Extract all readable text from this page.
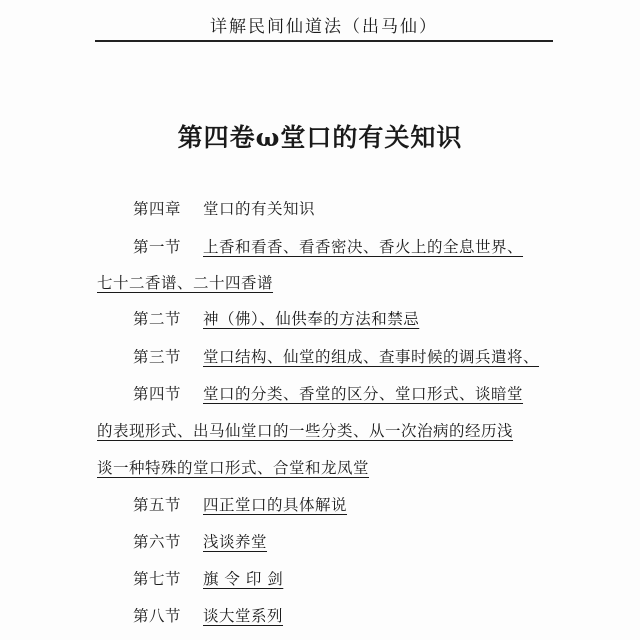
详解民间仙道法（出马仙）
第四卷ω堂口的有关知识
第四章 堂口的有关知识
第一节 上香和看香、看香密决、香火上的全息世界、
七十二香谱、二十四香谱
第二节 神（佛）、仙供奉的方法和禁忌
第三节 堂口结构、仙堂的组成、查事时候的调兵遣将、
第四节 堂口的分类、香堂的区分、堂口形式、谈暗堂
的表现形式、出马仙堂口的一些分类、从一次治病的经历浅
谈一种特殊的堂口形式、合堂和龙凤堂
第五节 四正堂口的具体解说
第六节 浅谈养堂
第七节 旗 令 印 剑
第八节 谈大堂系列
